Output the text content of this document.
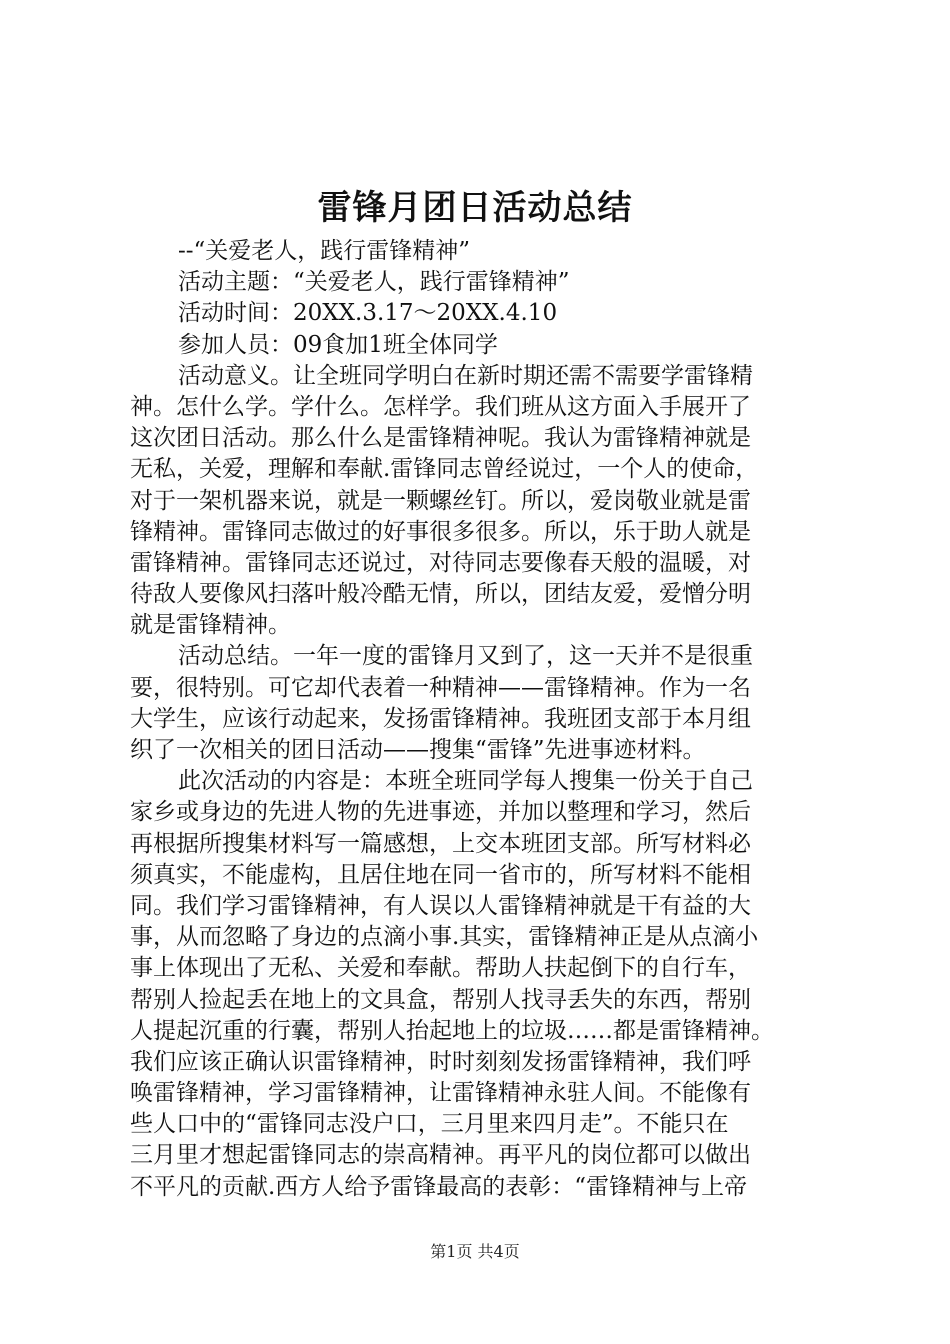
雷锋月团日活动总结
--“关爱老人，践行雷锋精神”
活动主题：“关爱老人，践行雷锋精神”
活动时间：20XX.3.17～20XX.4.10
参加人员：09食加1班全体同学
活动意义。让全班同学明白在新时期还需不需要学雷锋精
神。怎什么学。学什么。怎样学。我们班从这方面入手展开了
这次团日活动。那么什么是雷锋精神呢。我认为雷锋精神就是
无私，关爱，理解和奉献.雷锋同志曾经说过，一个人的使命，
对于一架机器来说，就是一颗螺丝钉。所以，爱岗敬业就是雷
锋精神。雷锋同志做过的好事很多很多。所以，乐于助人就是
雷锋精神。雷锋同志还说过，对待同志要像春天般的温暖，对
待敌人要像风扫落叶般冷酷无情，所以，团结友爱，爱憎分明
就是雷锋精神。
活动总结。一年一度的雷锋月又到了，这一天并不是很重
要，很特别。可它却代表着一种精神——雷锋精神。作为一名
大学生，应该行动起来，发扬雷锋精神。我班团支部于本月组
织了一次相关的团日活动——搜集“雷锋”先进事迹材料。
此次活动的内容是：本班全班同学每人搜集一份关于自己
家乡或身边的先进人物的先进事迹，并加以整理和学习，然后
再根据所搜集材料写一篇感想，上交本班团支部。所写材料必
须真实，不能虚构，且居住地在同一省市的，所写材料不能相
同。我们学习雷锋精神，有人误以人雷锋精神就是干有益的大
事，从而忽略了身边的点滴小事.其实，雷锋精神正是从点滴小
事上体现出了无私、关爱和奉献。帮助人扶起倒下的自行车，
帮别人捡起丢在地上的文具盒，帮别人找寻丢失的东西，帮别
人提起沉重的行囊，帮别人抬起地上的垃圾……都是雷锋精神。
我们应该正确认识雷锋精神，时时刻刻发扬雷锋精神，我们呼
唤雷锋精神，学习雷锋精神，让雷锋精神永驻人间。不能像有
些人口中的“雷锋同志没户口，三月里来四月走”。不能只在
三月里才想起雷锋同志的崇高精神。再平凡的岗位都可以做出
不平凡的贡献.西方人给予雷锋最高的表彰：“雷锋精神与上帝
第1页 共4页
